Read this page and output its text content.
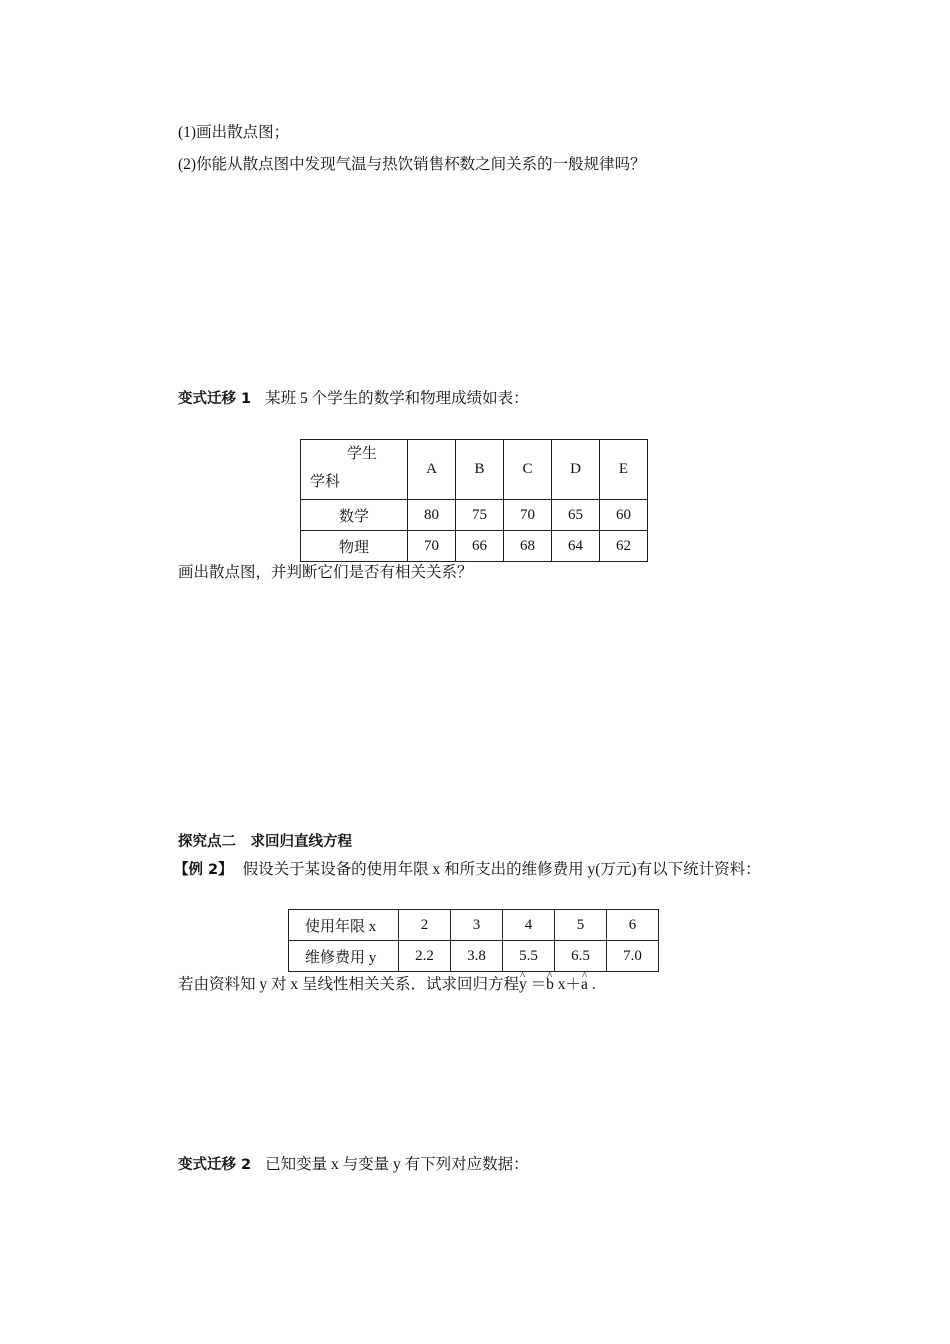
(1)画出散点图；
(2)你能从散点图中发现气温与热饮销售杯数之间关系的一般规律吗？
变式迁移 1 某班 5 个学生的数学和物理成绩如表：
学生
学科	A	B	C	D	E
数学	80	75	70	65	60
物理	70	66	68	64	62
画出散点图，并判断它们是否有相关关系？
探究点二　求回归直线方程
【例 2】 假设关于某设备的使用年限 x 和所支出的维修费用 y(万元)有以下统计资料：
使用年限 x	2	3	4	5	6
维修费用 y	2.2	3.8	5.5	6.5	7.0
若由资料知 y 对 x 呈线性相关关系．试求回归方程^ y ＝^ b x＋^ a .
变式迁移 2 已知变量 x 与变量 y 有下列对应数据：
